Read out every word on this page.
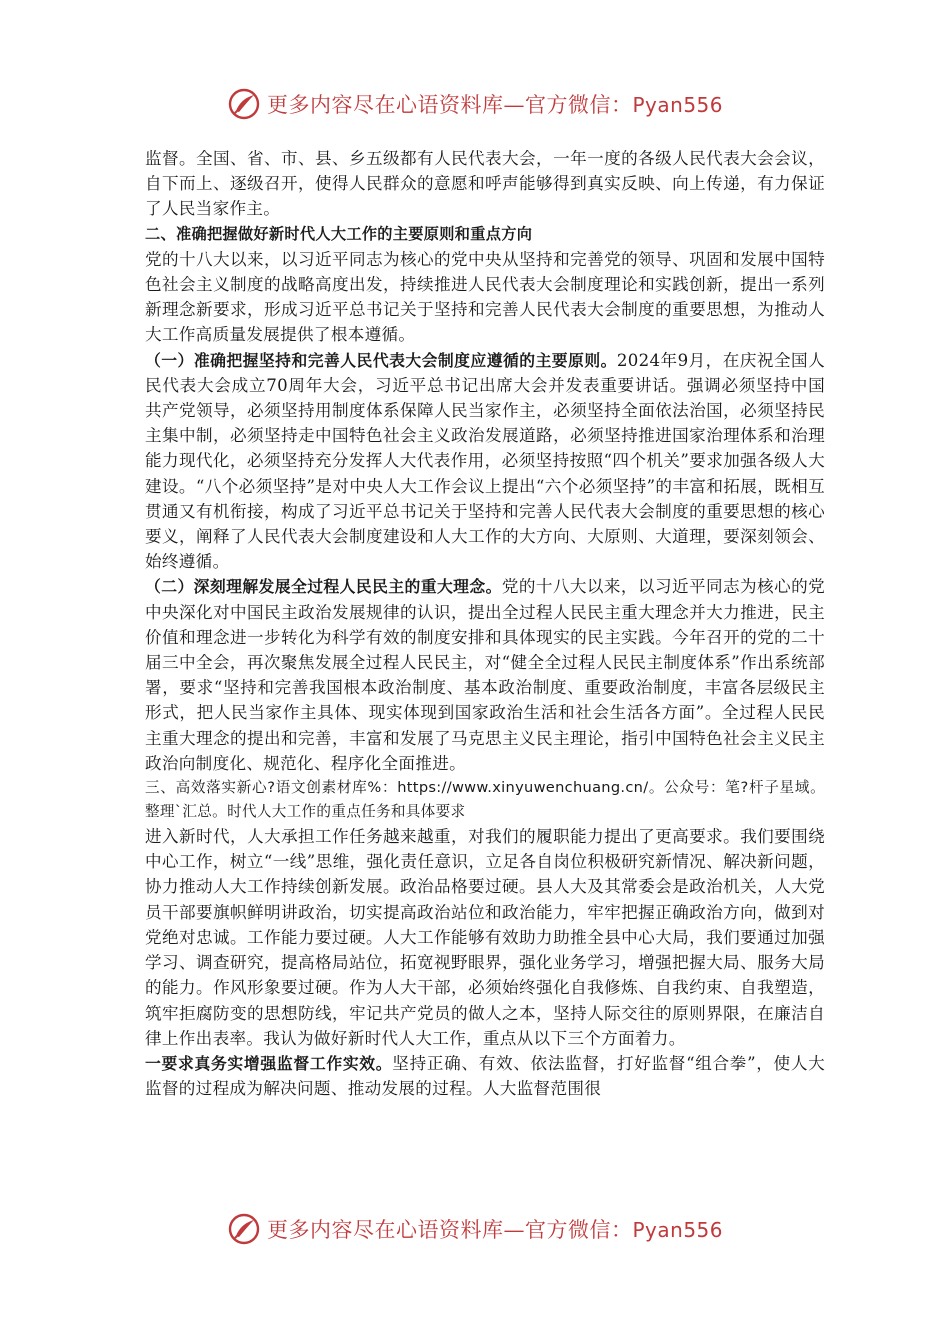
更多内容尽在心语资料库—官方微信：Pyan556

监督。全国、省、市、县、乡五级都有人民代表大会，一年一度的各级人民代表大会会议，自下而上、逐级召开，使得人民群众的意愿和呼声能够得到真实反映、向上传递，有力保证了人民当家作主。

二、准确把握做好新时代人大工作的主要原则和重点方向

党的十八大以来，以习近平同志为核心的党中央从坚持和完善党的领导、巩固和发展中国特色社会主义制度的战略高度出发，持续推进人民代表大会制度理论和实践创新，提出一系列新理念新要求，形成习近平总书记关于坚持和完善人民代表大会制度的重要思想，为推动人大工作高质量发展提供了根本遵循。

（一）准确把握坚持和完善人民代表大会制度应遵循的主要原则。2024年9月，在庆祝全国人民代表大会成立70周年大会，习近平总书记出席大会并发表重要讲话。强调必须坚持中国共产党领导，必须坚持用制度体系保障人民当家作主，必须坚持全面依法治国，必须坚持民主集中制，必须坚持走中国特色社会主义政治发展道路，必须坚持推进国家治理体系和治理能力现代化，必须坚持充分发挥人大代表作用，必须坚持按照“四个机关”要求加强各级人大建设。“八个必须坚持”是对中央人大工作会议上提出“六个必须坚持”的丰富和拓展，既相互贯通又有机衔接，构成了习近平总书记关于坚持和完善人民代表大会制度的重要思想的核心要义，阐释了人民代表大会制度建设和人大工作的大方向、大原则、大道理，要深刻领会、始终遵循。

（二）深刻理解发展全过程人民民主的重大理念。党的十八大以来，以习近平同志为核心的党中央深化对中国民主政治发展规律的认识，提出全过程人民民主重大理念并大力推进，民主价值和理念进一步转化为科学有效的制度安排和具体现实的民主实践。今年召开的党的二十届三中全会，再次聚焦发展全过程人民民主，对“健全全过程人民民主制度体系”作出系统部署，要求“坚持和完善我国根本政治制度、基本政治制度、重要政治制度，丰富各层级民主形式，把人民当家作主具体、现实体现到国家政治生活和社会生活各方面”。全过程人民民主重大理念的提出和完善，丰富和发展了马克思主义民主理论，指引中国特色社会主义民主政治向制度化、规范化、程序化全面推进。

三、高效落实新心?语文创素材库%：https://www.xinyuwenchuang.cn/。公众号：笔?杆子星域。整理`汇总。时代人大工作的重点任务和具体要求

进入新时代，人大承担工作任务越来越重，对我们的履职能力提出了更高要求。我们要围绕中心工作，树立“一线”思维，强化责任意识，立足各自岗位积极研究新情况、解决新问题，协力推动人大工作持续创新发展。政治品格要过硬。县人大及其常委会是政治机关，人大党员干部要旗帜鲜明讲政治，切实提高政治站位和政治能力，牢牢把握正确政治方向，做到对党绝对忠诚。工作能力要过硬。人大工作能够有效助力助推全县中心大局，我们要通过加强学习、调查研究，提高格局站位，拓宽视野眼界，强化业务学习，增强把握大局、服务大局的能力。作风形象要过硬。作为人大干部，必须始终强化自我修炼、自我约束、自我塑造，筑牢拒腐防变的思想防线，牢记共产党员的做人之本，坚持人际交往的原则界限，在廉洁自律上作出表率。我认为做好新时代人大工作，重点从以下三个方面着力。

一要求真务实增强监督工作实效。坚持正确、有效、依法监督，打好监督“组合拳”，使人大监督的过程成为解决问题、推动发展的过程。人大监督范围很

更多内容尽在心语资料库—官方微信：Pyan556
